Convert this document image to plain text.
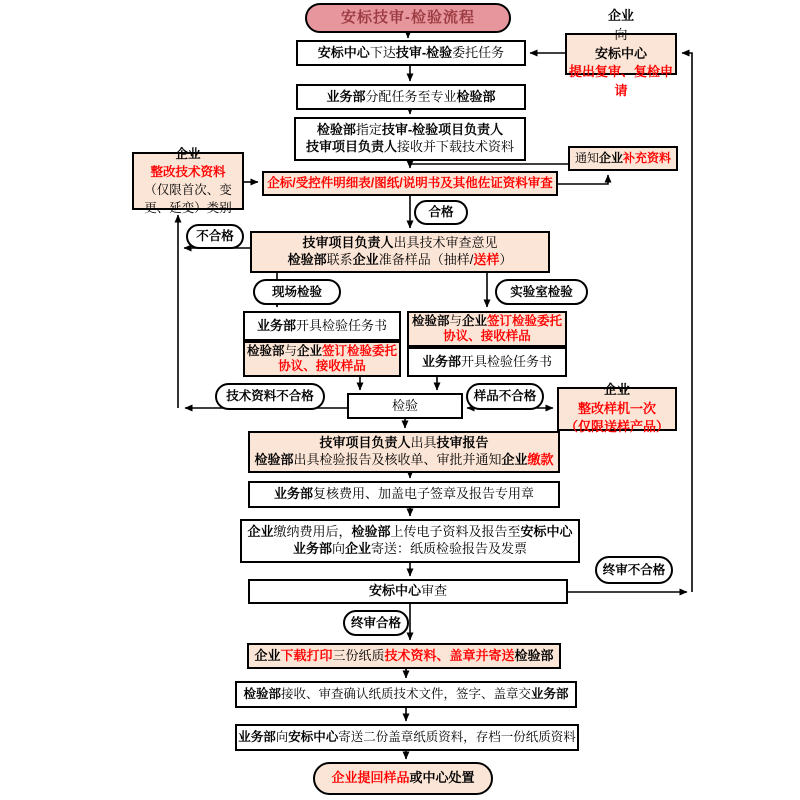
安标技审-检验流程	企业
向
安标中心
提出复审、复检申请
安标中心下达技审-检验委托任务
业务部分配任务至专业检验部
检验部指定技审-检验项目负责人
技审项目负责人接收并下载技术资料
企标/受控件明细表/图纸/说明书及其他佐证资料审查
企业
整改技术资料
（仅限首次、变更、延变）类别
通知企业补充资料
合格
技审项目负责人出具技术审查意见
检验部联系企业准备样品（抽样/送样）
现场检验	实验室检验
业务部开具检验任务书
检验部与企业签订检验委托
协议、接收样品
检验部与企业签订检验委托
协议、接收样品
业务部开具检验任务书
技术资料不合格
检验
样品不合格	企业
整改样机一次
（仅限送样产品）
不合格
技审项目负责人出具技审报告
检验部出具检验报告及核收单、审批并通知企业缴款
业务部复核费用、加盖电子签章及报告专用章
企业缴纳费用后，检验部上传电子资料及报告至安标中心
业务部向企业寄送：纸质检验报告及发票
安标中心审查
终审不合格
终审合格
企业下载打印三份纸质技术资料、盖章并寄送检验部
检验部接收、审查确认纸质技术文件，签字、盖章交业务部
业务部向安标中心寄送二份盖章纸质资料，存档一份纸质资料
企业提回样品或中心处置
